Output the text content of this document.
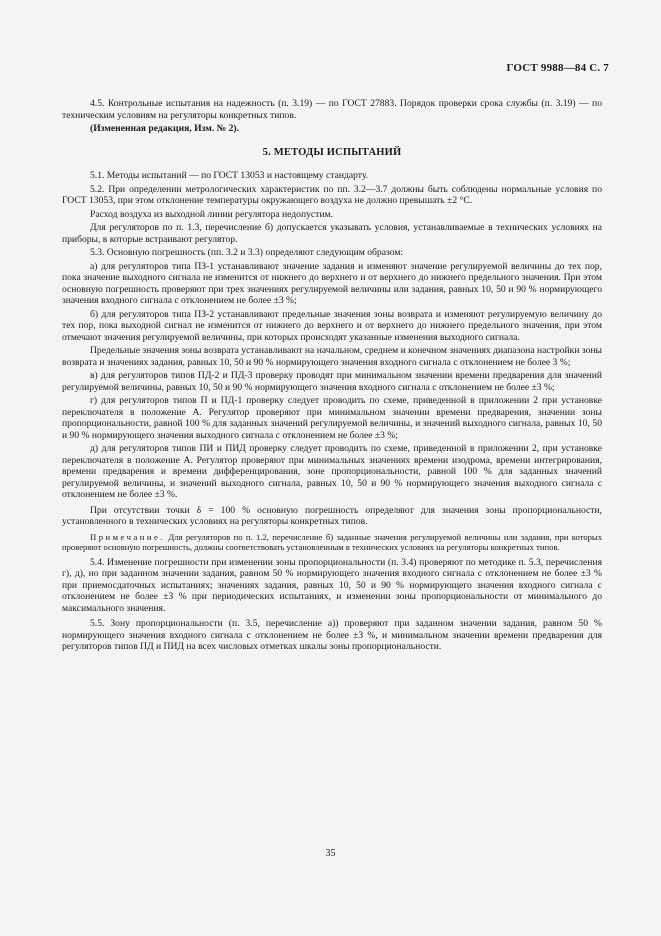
ГОСТ 9988—84 С. 7

4.5. Контрольные испытания на надежность (п. 3.19) — по ГОСТ 27883. Порядок проверки срока службы (п. 3.19) — по техническим условиям на регуляторы конкретных типов.

(Измененная редакция, Изм. № 2).

5. МЕТОДЫ ИСПЫТАНИЙ

5.1. Методы испытаний — по ГОСТ 13053 и настоящему стандарту.

5.2. При определении метрологических характеристик по пп. 3.2—3.7 должны быть соблюдены нормальные условия по ГОСТ 13053, при этом отклонение температуры окружающего воздуха не должно превышать ±2 °С.

Расход воздуха из выходной линии регулятора недопустим.

Для регуляторов по п. 1.3, перечисление б) допускается указывать условия, устанавливаемые в технических условиях на приборы, в которые встраивают регулятор.

5.3. Основную погрешность (пп. 3.2 и 3.3) определяют следующим образом:

а) для регуляторов типа ПЗ-1 устанавливают значение задания и изменяют значение регулируемой величины до тех пор, пока значение выходного сигнала не изменится от нижнего до верхнего и от верхнего до нижнего предельного значения. При этом основную погрешность проверяют при трех значениях регулируемой величины или задания, равных 10, 50 и 90 % нормирующего значения входного сигнала с отклонением не более ±3 %;

б) для регуляторов типа ПЗ-2 устанавливают предельные значения зоны возврата и изменяют регулируемую величину до тех пор, пока выходной сигнал не изменится от нижнего до верхнего и от верхнего до нижнего предельного значения, при этом отмечают значения регулируемой величины, при которых происходят указанные изменения выходного сигнала.

Предельные значения зоны возврата устанавливают на начальном, среднем и конечном значениях диапазона настройки зоны возврата и значениях задания, равных 10, 50 и 90 % нормирующего значения входного сигнала с отклонением не более 3 %;

в) для регуляторов типов ПД-2 и ПД-3 проверку проводят при минимальном значении времени предварения для значений регулируемой величины, равных 10, 50 и 90 % нормирующего значения входного сигнала с отклонением не более ±3 %;

г) для регуляторов типов П и ПД-1 проверку следует проводить по схеме, приведенной в приложении 2 при установке переключателя в положение А. Регулятор проверяют при минимальном значении времени предварения, значении зоны пропорциональности, равной 100 % для заданных значений регулируемой величины, и значений выходного сигнала, равных 10, 50 и 90 % нормирующего значения выходного сигнала с отклонением не более ±3 %;

д) для регуляторов типов ПИ и ПИД проверку следует проводить по схеме, приведенной в приложении 2, при установке переключателя в положение А. Регулятор проверяют при минимальных значениях времени изодрома, времени интегрирования, времени предварения и времени дифференцирования, зоне пропорциональности, равной 100 % для заданных значений регулируемой величины, и значений выходного сигнала, равных 10, 50 и 90 % нормирующего значения выходного сигнала с отклонением не более ±3 %.

При отсутствии точки δ = 100 % основную погрешность определяют для значения зоны пропорциональности, установленного в технических условиях на регуляторы конкретных типов.

Примечание. Для регуляторов по п. 1.2, перечисление б) заданные значения регулируемой величины или задания, при которых проверяют основную погрешность, должны соответствовать установленным в технических условиях на регуляторы конкретных типов.

5.4. Изменение погрешности при изменении зоны пропорциональности (п. 3.4) проверяют по методике п. 5.3, перечисления г), д), но при заданном значении задания, равном 50 % нормирующего значения входного сигнала с отклонением не более ±3 % при приемосдаточных испытаниях; значениях задания, равных 10, 50 и 90 % нормирующего значения входного сигнала с отклонением не более ±3 % при периодических испытаниях, и изменении зоны пропорциональности от минимального до максимального значения.

5.5. Зону пропорциональности (п. 3.5, перечисление а)) проверяют при заданном значении задания, равном 50 % нормирующего значения входного сигнала с отклонением не более ±3 %, и минимальном значении времени предварения для регуляторов типов ПД и ПИД на всех числовых отметках шкалы зоны пропорциональности.

35
